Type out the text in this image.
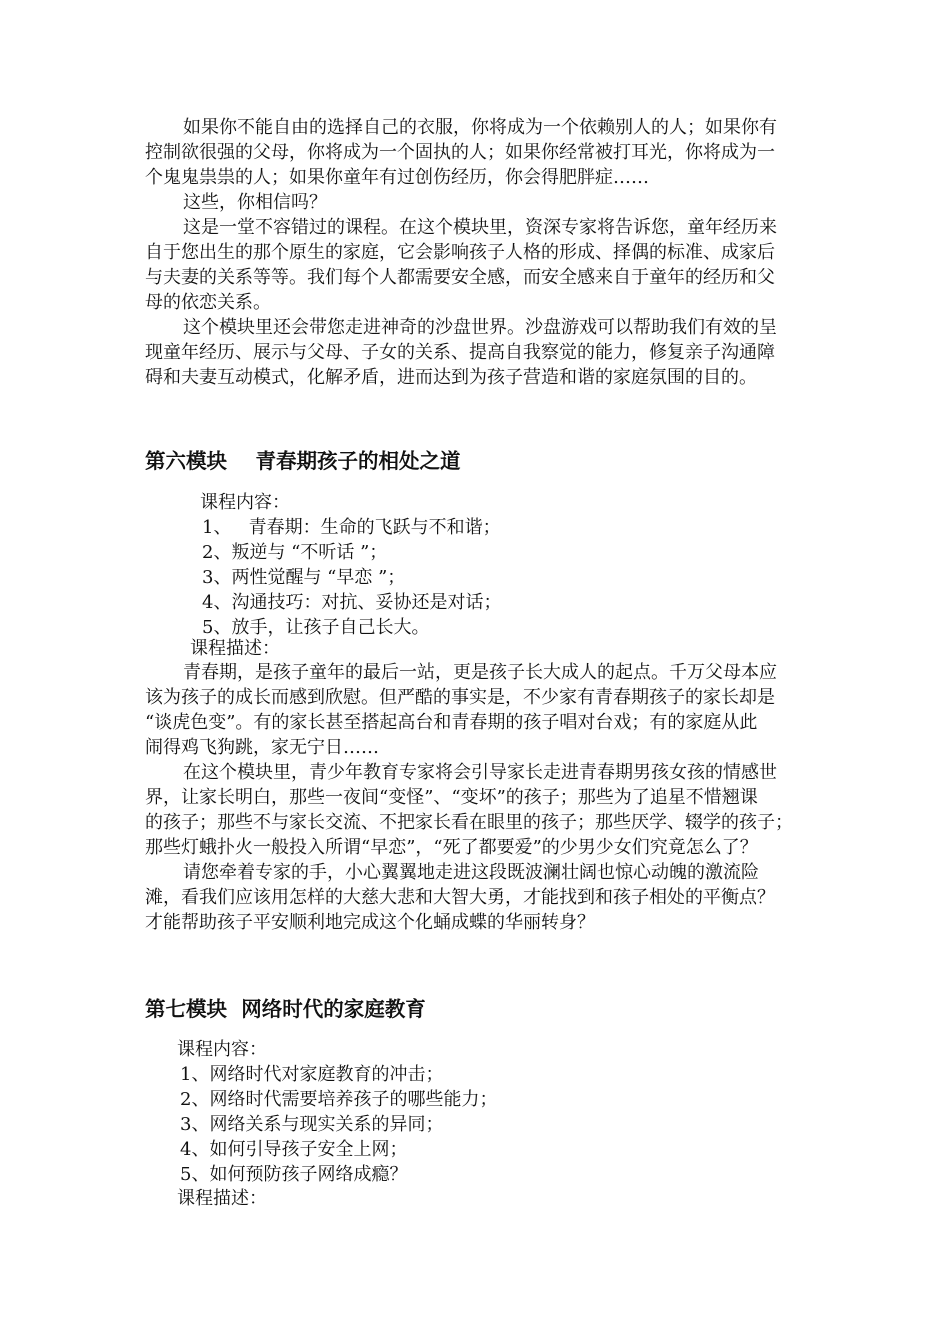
如果你不能自由的选择自己的衣服，你将成为一个依赖别人的人；如果你有
控制欲很强的父母，你将成为一个固执的人；如果你经常被打耳光，你将成为一
个鬼鬼祟祟的人；如果你童年有过创伤经历，你会得肥胖症……
这些，你相信吗？
这是一堂不容错过的课程。在这个模块里，资深专家将告诉您，童年经历来
自于您出生的那个原生的家庭，它会影响孩子人格的形成、择偶的标准、成家后
与夫妻的关系等等。我们每个人都需要安全感，而安全感来自于童年的经历和父
母的依恋关系。
这个模块里还会带您走进神奇的沙盘世界。沙盘游戏可以帮助我们有效的呈
现童年经历、展示与父母、子女的关系、提高自我察觉的能力，修复亲子沟通障
碍和夫妻互动模式，化解矛盾，进而达到为孩子营造和谐的家庭氛围的目的。
第六模块    青春期孩子的相处之道
课程内容：
1、   青春期：生命的飞跃与不和谐；
2、叛逆与 “不听话 ”；
3、两性觉醒与 “早恋 ”；
4、沟通技巧：对抗、妥协还是对话；
5、放手，让孩子自己长大。
课程描述：
青春期，是孩子童年的最后一站，更是孩子长大成人的起点。千万父母本应
该为孩子的成长而感到欣慰。但严酷的事实是，不少家有青春期孩子的家长却是
“谈虎色变”。有的家长甚至搭起高台和青春期的孩子唱对台戏；有的家庭从此
闹得鸡飞狗跳，家无宁日……
在这个模块里，青少年教育专家将会引导家长走进青春期男孩女孩的情感世
界，让家长明白，那些一夜间“变怪”、“变坏”的孩子；那些为了追星不惜翘课
的孩子；那些不与家长交流、不把家长看在眼里的孩子；那些厌学、辍学的孩子；
那些灯蛾扑火一般投入所谓“早恋”，“死了都要爱”的少男少女们究竟怎么了？
请您牵着专家的手，小心翼翼地走进这段既波澜壮阔也惊心动魄的激流险
滩，看我们应该用怎样的大慈大悲和大智大勇，才能找到和孩子相处的平衡点？
才能帮助孩子平安顺利地完成这个化蛹成蝶的华丽转身？
第七模块  网络时代的家庭教育
课程内容：
1、网络时代对家庭教育的冲击；
2、网络时代需要培养孩子的哪些能力；
3、网络关系与现实关系的异同；
4、如何引导孩子安全上网；
5、如何预防孩子网络成瘾？
课程描述：
